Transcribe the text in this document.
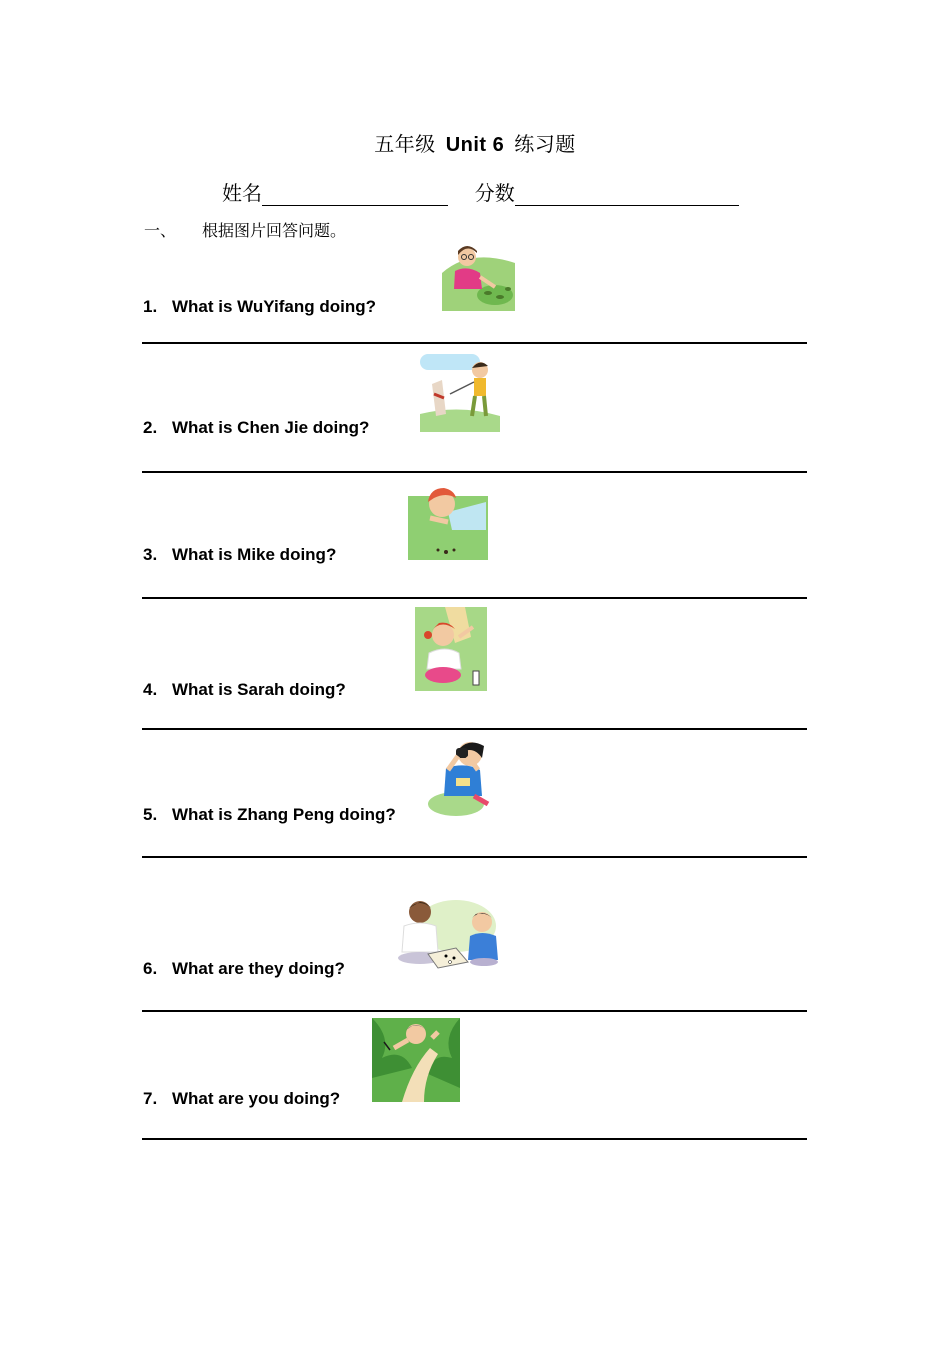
五年级 Unit 6 练习题
姓名	分数
一、 根据图片回答问题。
1. What is WuYifang doing?
2. What is Chen Jie doing?
3. What is Mike doing?
4. What is Sarah doing?
5. What is Zhang Peng doing?
6. What are they doing?
7. What are you doing?
